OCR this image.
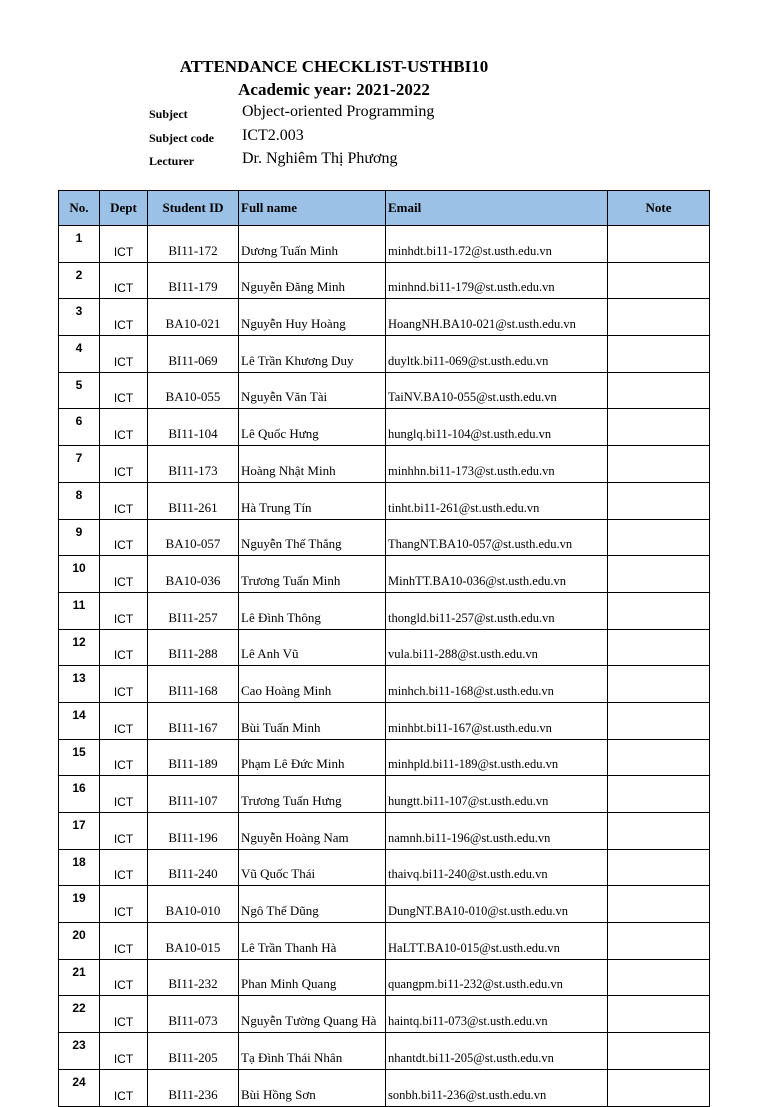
ATTENDANCE CHECKLIST-USTHBI10
Academic year: 2021-2022
Subject	Object-oriented Programming
Subject code ICT2.003
Lecturer	Dr. Nghiêm Thị Phương
No.	Dept	Student ID	Full name	Email	Note
1	ICT	BI11-172	Dương Tuấn Minh	minhdt.bi11-172@st.usth.edu.vn	
2	ICT	BI11-179	Nguyễn Đăng Minh	minhnd.bi11-179@st.usth.edu.vn	
3	ICT	BA10-021	Nguyễn Huy Hoàng	HoangNH.BA10-021@st.usth.edu.vn	
4	ICT	BI11-069	Lê Trần Khương Duy	duyltk.bi11-069@st.usth.edu.vn	
5	ICT	BA10-055	Nguyễn Văn Tài	TaiNV.BA10-055@st.usth.edu.vn	
6	ICT	BI11-104	Lê Quốc Hưng	hunglq.bi11-104@st.usth.edu.vn	
7	ICT	BI11-173	Hoàng Nhật Minh	minhhn.bi11-173@st.usth.edu.vn	
8	ICT	BI11-261	Hà Trung Tín	tinht.bi11-261@st.usth.edu.vn	
9	ICT	BA10-057	Nguyễn Thế Thắng	ThangNT.BA10-057@st.usth.edu.vn	
10	ICT	BA10-036	Trương Tuấn Minh	MinhTT.BA10-036@st.usth.edu.vn	
11	ICT	BI11-257	Lê Đình Thông	thongld.bi11-257@st.usth.edu.vn	
12	ICT	BI11-288	Lê Anh Vũ	vula.bi11-288@st.usth.edu.vn	
13	ICT	BI11-168	Cao Hoàng Minh	minhch.bi11-168@st.usth.edu.vn	
14	ICT	BI11-167	Bùi Tuấn Minh	minhbt.bi11-167@st.usth.edu.vn	
15	ICT	BI11-189	Phạm Lê Đức Minh	minhpld.bi11-189@st.usth.edu.vn	
16	ICT	BI11-107	Trương Tuấn Hưng	hungtt.bi11-107@st.usth.edu.vn	
17	ICT	BI11-196	Nguyễn Hoàng Nam	namnh.bi11-196@st.usth.edu.vn	
18	ICT	BI11-240	Vũ Quốc Thái	thaivq.bi11-240@st.usth.edu.vn	
19	ICT	BA10-010	Ngô Thế Dũng	DungNT.BA10-010@st.usth.edu.vn	
20	ICT	BA10-015	Lê Trần Thanh Hà	HaLTT.BA10-015@st.usth.edu.vn	
21	ICT	BI11-232	Phan Minh Quang	quangpm.bi11-232@st.usth.edu.vn	
22	ICT	BI11-073	Nguyễn Tường Quang Hà	haintq.bi11-073@st.usth.edu.vn	
23	ICT	BI11-205	Tạ Đình Thái Nhân	nhantdt.bi11-205@st.usth.edu.vn	
24	ICT	BI11-236	Bùi Hồng Sơn	sonbh.bi11-236@st.usth.edu.vn	
